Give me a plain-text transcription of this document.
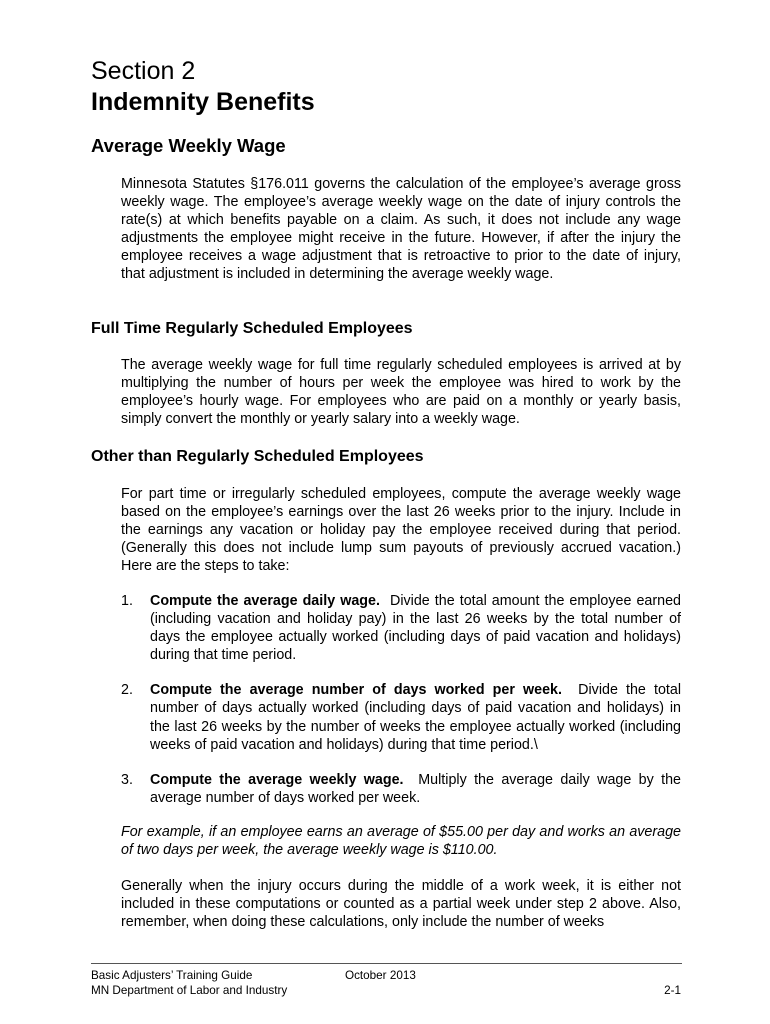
Section 2
Indemnity Benefits
Average Weekly Wage

Minnesota Statutes §176.011 governs the calculation of the employee’s average gross weekly wage. The employee’s average weekly wage on the date of injury controls the rate(s) at which benefits payable on a claim. As such, it does not include any wage adjustments the employee might receive in the future. However, if after the injury the employee receives a wage adjustment that is retroactive to prior to the date of injury, that adjustment is included in determining the average weekly wage.

Full Time Regularly Scheduled Employees

The average weekly wage for full time regularly scheduled employees is arrived at by multiplying the number of hours per week the employee was hired to work by the employee’s hourly wage. For employees who are paid on a monthly or yearly basis, simply convert the monthly or yearly salary into a weekly wage.

Other than Regularly Scheduled Employees

For part time or irregularly scheduled employees, compute the average weekly wage based on the employee’s earnings over the last 26 weeks prior to the injury. Include in the earnings any vacation or holiday pay the employee received during that period. (Generally this does not include lump sum payouts of previously accrued vacation.) Here are the steps to take:

1. Compute the average daily wage. Divide the total amount the employee earned (including vacation and holiday pay) in the last 26 weeks by the total number of days the employee actually worked (including days of paid vacation and holidays) during that time period.
2. Compute the average number of days worked per week. Divide the total number of days actually worked (including days of paid vacation and holidays) in the last 26 weeks by the number of weeks the employee actually worked (including weeks of paid vacation and holidays) during that time period.\
3. Compute the average weekly wage. Multiply the average daily wage by the average number of days worked per week.

For example, if an employee earns an average of $55.00 per day and works an average of two days per week, the average weekly wage is $110.00.

Generally when the injury occurs during the middle of a work week, it is either not included in these computations or counted as a partial week under step 2 above. Also, remember, when doing these calculations, only include the number of weeks

Basic Adjusters’ Training Guide	October 2013

MN Department of Labor and Industry	2-1
